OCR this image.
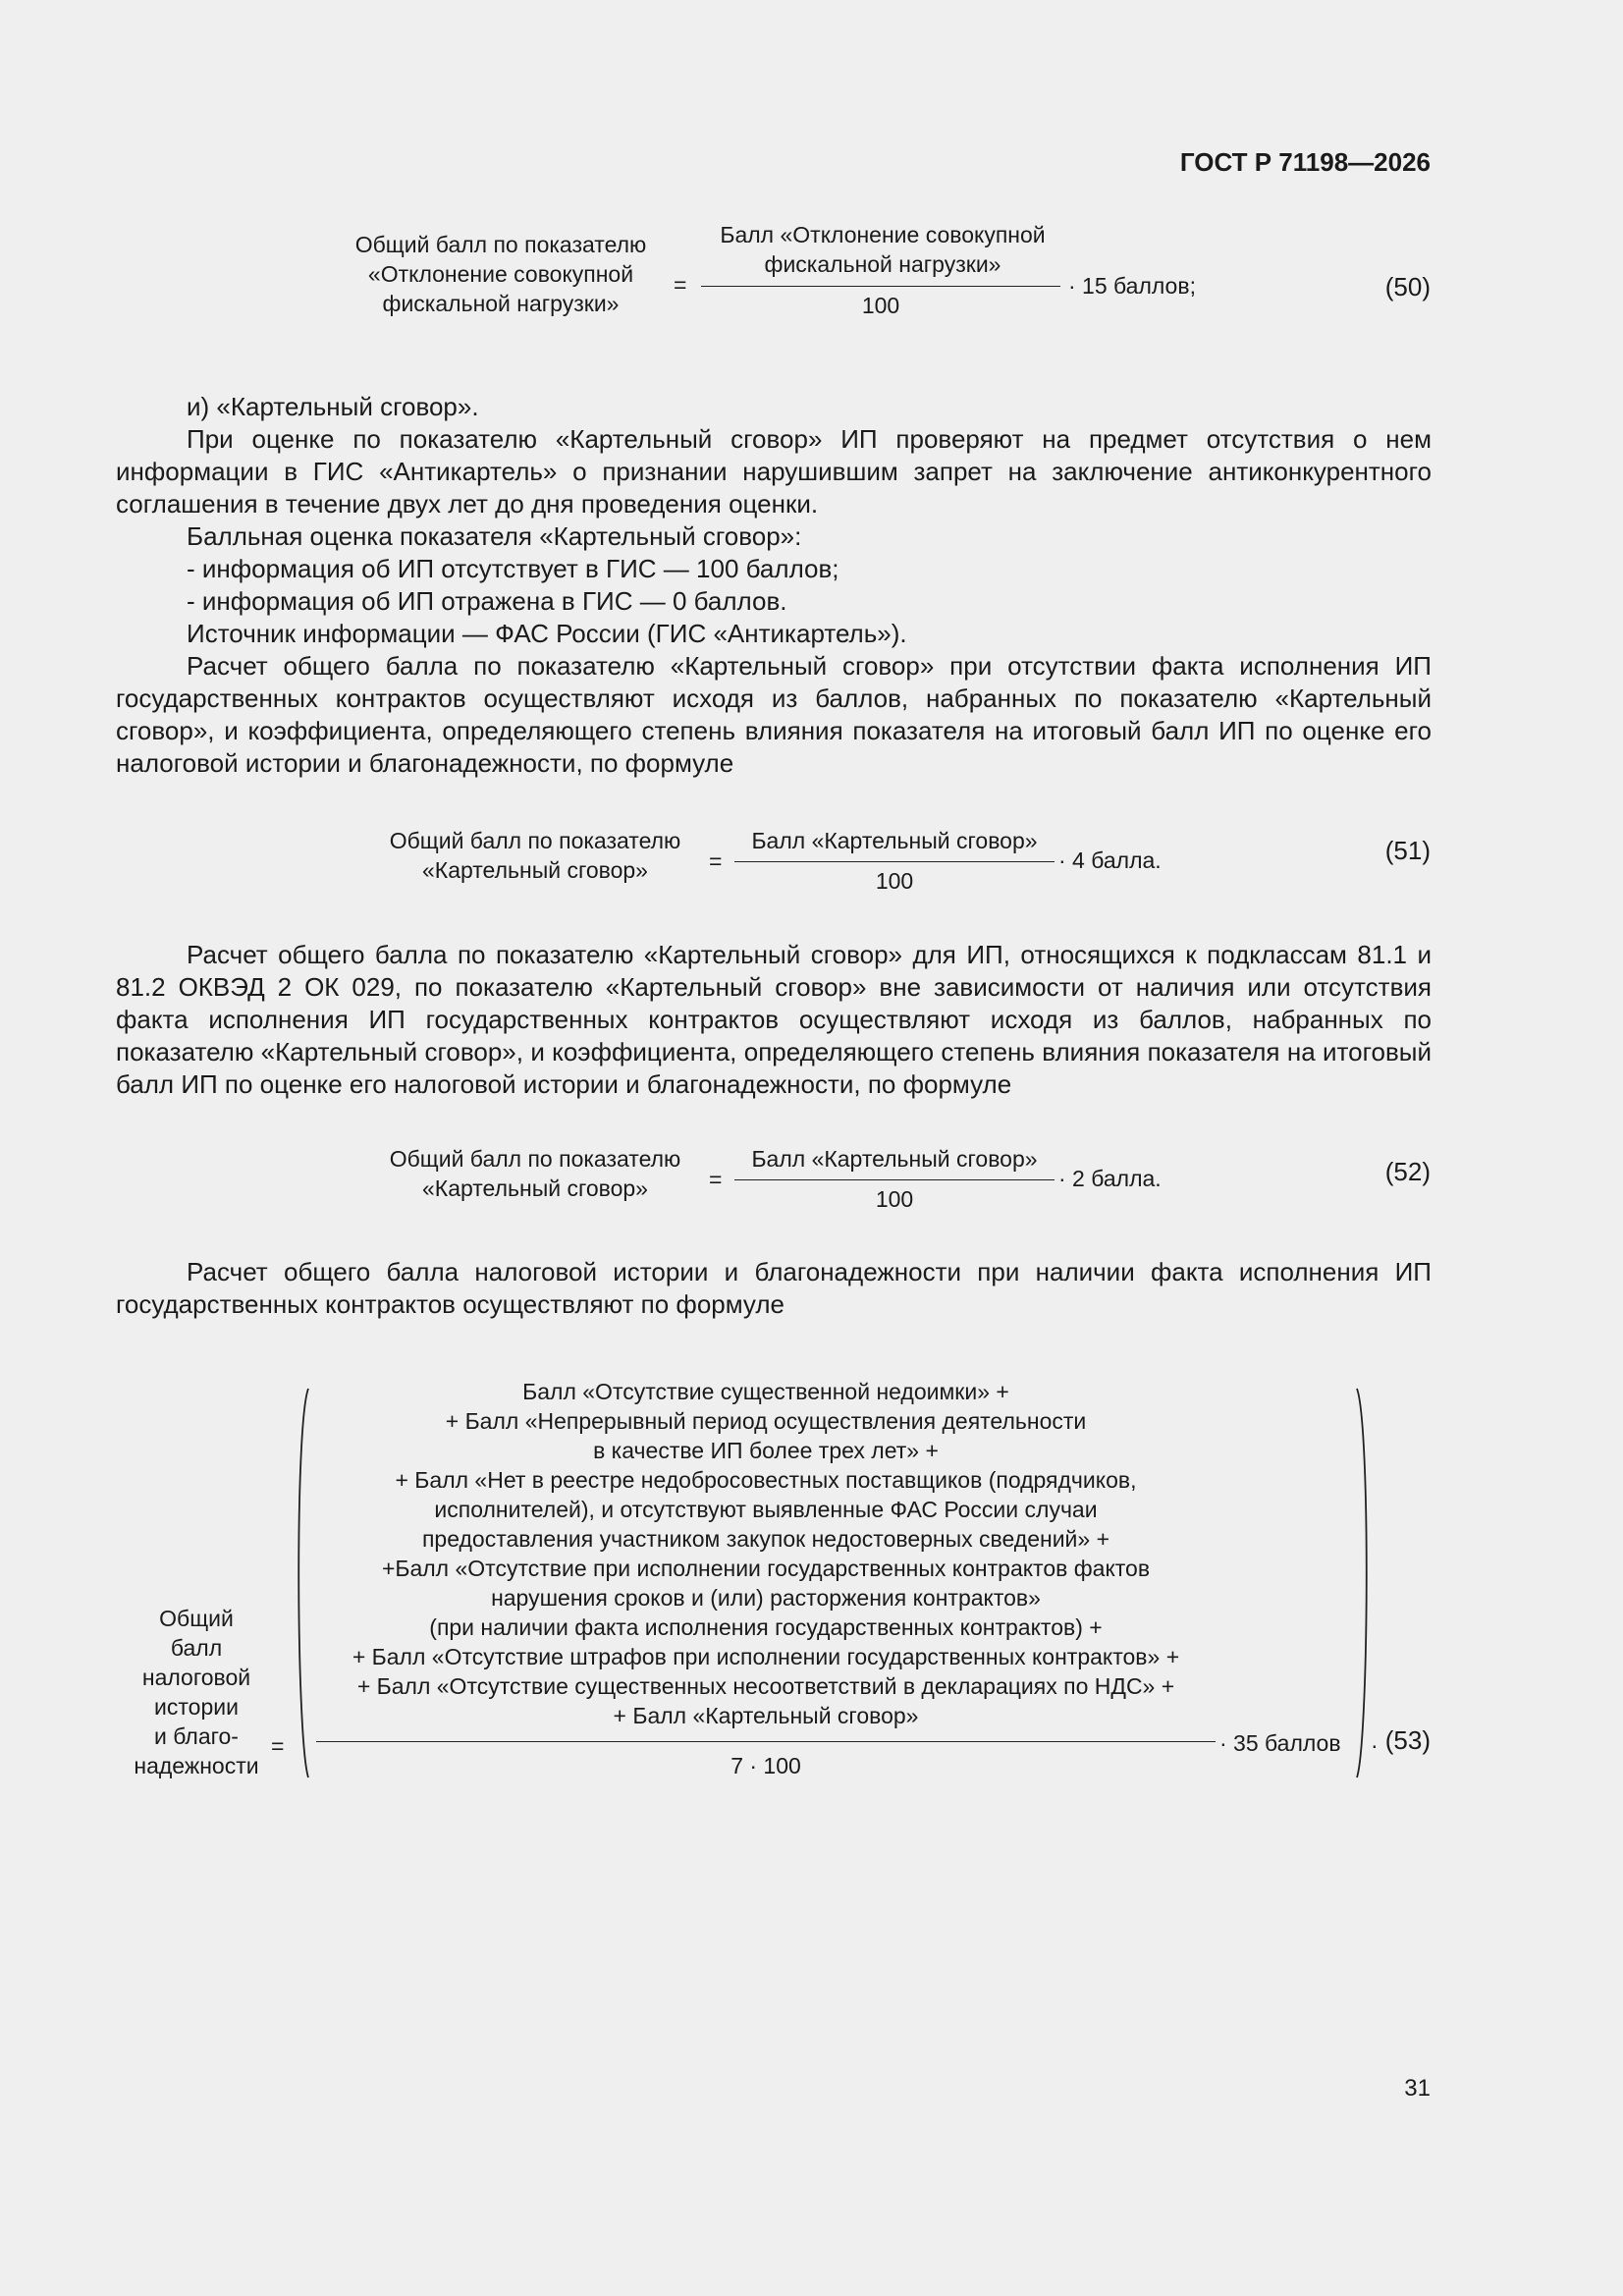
ГОСТ Р 71198—2026
Общий балл по показателю
«Отклонение совокупной
фискальной нагрузки»
=
Балл «Отклонение совокупной
фискальной нагрузки»
100
· 15 баллов;	(50)

и) «Картельный сговор».

При оценке по показателю «Картельный сговор» ИП проверяют на предмет отсутствия о нем информации в ГИС «Антикартель» о признании нарушившим запрет на заключение антиконкурентного соглашения в течение двух лет до дня проведения оценки.

Балльная оценка показателя «Картельный сговор»:

- информация об ИП отсутствует в ГИС — 100 баллов;

- информация об ИП отражена в ГИС — 0 баллов.

Источник информации — ФАС России (ГИС «Антикартель»).

Расчет общего балла по показателю «Картельный сговор» при отсутствии факта исполнения ИП государственных контрактов осуществляют исходя из баллов, набранных по показателю «Картельный сговор», и коэффициента, определяющего степень влияния показателя на итоговый балл ИП по оценке его налоговой истории и благонадежности, по формуле

Общий балл по показателю
«Картельный сговор»	=
Балл «Картельный сговор»
100
· 4 балла.	(51)

Расчет общего балла по показателю «Картельный сговор» для ИП, относящихся к подклассам 81.1 и 81.2 ОКВЭД 2 ОК 029, по показателю «Картельный сговор» вне зависимости от наличия или отсутствия факта исполнения ИП государственных контрактов осуществляют исходя из баллов, набранных по показателю «Картельный сговор», и коэффициента, определяющего степень влияния показателя на итоговый балл ИП по оценке его налоговой истории и благонадежности, по формуле

Общий балл по показателю
«Картельный сговор»	=
Балл «Картельный сговор»
100
· 2 балла.	(52)

Расчет общего балла налоговой истории и благонадежности при наличии факта исполнения ИП государственных контрактов осуществляют по формуле

Общий
балл
налоговой
истории
и благо-
надежности
=
Балл «Отсутствие существенной недоимки» +
+ Балл «Непрерывный период осуществления деятельности
в качестве ИП более трех лет» +
+ Балл «Нет в реестре недобросовестных поставщиков (подрядчиков,
исполнителей), и отсутствуют выявленные ФАС России случаи
предоставления участником закупок недостоверных сведений» +
+Балл «Отсутствие при исполнении государственных контрактов фактов
нарушения сроков и (или) расторжения контрактов»
(при наличии факта исполнения государственных контрактов) +
+ Балл «Отсутствие штрафов при исполнении государственных контрактов» +
+ Балл «Отсутствие существенных несоответствий в декларациях по НДС» +
+ Балл «Картельный сговор»
7 · 100
· 35 баллов · (53)
31
